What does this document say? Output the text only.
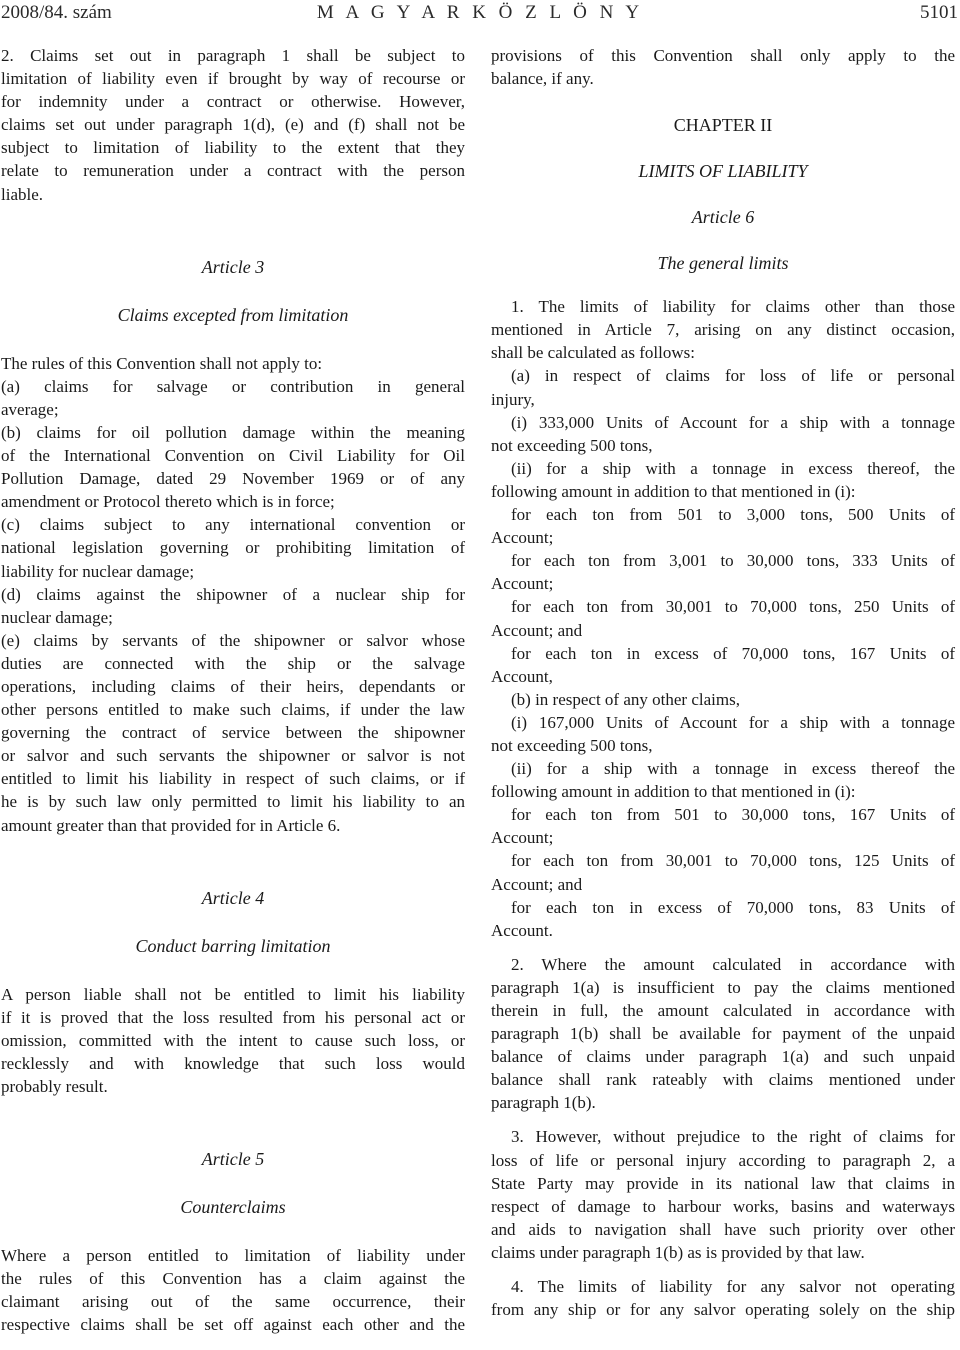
2008/84. szám	M A G Y A R K Ö Z L Ö N Y	5101
2. Claims set out in paragraph 1 shall be subject to
limitation of liability even if brought by way of recourse or
for indemnity under a contract or otherwise. However,
claims set out under paragraph 1(d), (e) and (f) shall not be
subject to limitation of liability to the extent that they
relate to remuneration under a contract with the person
liable.

Article 3

Claims excepted from limitation

The rules of this Convention shall not apply to:
(a) claims for salvage or contribution in general
average;
(b) claims for oil pollution damage within the meaning
of the International Convention on Civil Liability for Oil
Pollution Damage, dated 29 November 1969 or of any
amendment or Protocol thereto which is in force;
(c) claims subject to any international convention or
national legislation governing or prohibiting limitation of
liability for nuclear damage;
(d) claims against the shipowner of a nuclear ship for
nuclear damage;
(e) claims by servants of the shipowner or salvor whose
duties are connected with the ship or the salvage
operations, including claims of their heirs, dependants or
other persons entitled to make such claims, if under the law
governing the contract of service between the shipowner
or salvor and such servants the shipowner or salvor is not
entitled to limit his liability in respect of such claims, or if
he is by such law only permitted to limit his liability to an
amount greater than that provided for in Article 6.

Article 4

Conduct barring limitation

A person liable shall not be entitled to limit his liability
if it is proved that the loss resulted from his personal act or
omission, committed with the intent to cause such loss, or
recklessly and with knowledge that such loss would
probably result.

Article 5

Counterclaims

Where a person entitled to limitation of liability under
the rules of this Convention has a claim against the
claimant arising out of the same occurrence, their
respective claims shall be set off against each other and the
provisions of this Convention shall only apply to the
balance, if any.

CHAPTER II

LIMITS OF LIABILITY

Article 6

The general limits

1. The limits of liability for claims other than those
mentioned in Article 7, arising on any distinct occasion,
shall be calculated as follows:
(a) in respect of claims for loss of life or personal
injury,
(i) 333,000 Units of Account for a ship with a tonnage
not exceeding 500 tons,
(ii) for a ship with a tonnage in excess thereof, the
following amount in addition to that mentioned in (i):
for each ton from 501 to 3,000 tons, 500 Units of
Account;
for each ton from 3,001 to 30,000 tons, 333 Units of
Account;
for each ton from 30,001 to 70,000 tons, 250 Units of
Account; and
for each ton in excess of 70,000 tons, 167 Units of
Account,
(b) in respect of any other claims,
(i) 167,000 Units of Account for a ship with a tonnage
not exceeding 500 tons,
(ii) for a ship with a tonnage in excess thereof the
following amount in addition to that mentioned in (i):
for each ton from 501 to 30,000 tons, 167 Units of
Account;
for each ton from 30,001 to 70,000 tons, 125 Units of
Account; and
for each ton in excess of 70,000 tons, 83 Units of
Account.
2. Where the amount calculated in accordance with
paragraph 1(a) is insufficient to pay the claims mentioned
therein in full, the amount calculated in accordance with
paragraph 1(b) shall be available for payment of the unpaid
balance of claims under paragraph 1(a) and such unpaid
balance shall rank rateably with claims mentioned under
paragraph 1(b).
3. However, without prejudice to the right of claims for
loss of life or personal injury according to paragraph 2, a
State Party may provide in its national law that claims in
respect of damage to harbour works, basins and waterways
and aids to navigation shall have such priority over other
claims under paragraph 1(b) as is provided by that law.
4. The limits of liability for any salvor not operating
from any ship or for any salvor operating solely on the ship
